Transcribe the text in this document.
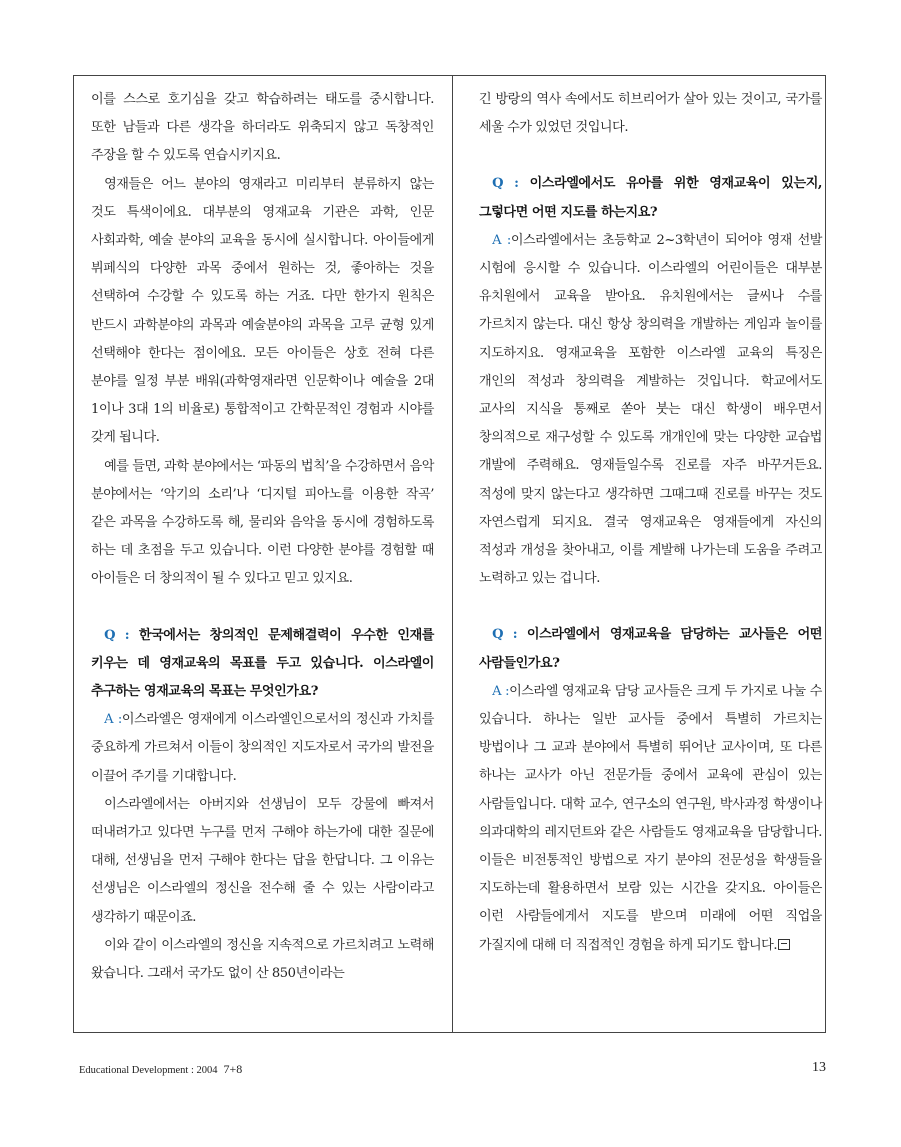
이를 스스로 호기심을 갖고 학습하려는 태도를 중시합니다. 또한 남들과 다른 생각을 하더라도 위축되지 않고 독창적인 주장을 할 수 있도록 연습시키지요.

영재들은 어느 분야의 영재라고 미리부터 분류하지 않는 것도 특색이에요. 대부분의 영재교육 기관은 과학, 인문 사회과학, 예술 분야의 교육을 동시에 실시합니다. 아이들에게 뷔페식의 다양한 과목 중에서 원하는 것, 좋아하는 것을 선택하여 수강할 수 있도록 하는 거죠. 다만 한가지 원칙은 반드시 과학분야의 과목과 예술분야의 과목을 고루 균형 있게 선택해야 한다는 점이에요. 모든 아이들은 상호 전혀 다른 분야를 일정 부분 배워(과학영재라면 인문학이나 예술을 2대 1이나 3대 1의 비율로) 통합적이고 간학문적인 경험과 시야를 갖게 됩니다.

예를 들면, 과학 분야에서는 ‘파동의 법칙’을 수강하면서 음악 분야에서는 ‘악기의 소리’나 ‘디지털 피아노를 이용한 작곡’ 같은 과목을 수강하도록 해, 물리와 음악을 동시에 경험하도록 하는 데 초점을 두고 있습니다. 이런 다양한 분야를 경험할 때 아이들은 더 창의적이 될 수 있다고 믿고 있지요.

Q : 한국에서는 창의적인 문제해결력이 우수한 인재를 키우는 데 영재교육의 목표를 두고 있습니다. 이스라엘이 추구하는 영재교육의 목표는 무엇인가요?

A :이스라엘은 영재에게 이스라엘인으로서의 정신과 가치를 중요하게 가르쳐서 이들이 창의적인 지도자로서 국가의 발전을 이끌어 주기를 기대합니다.

이스라엘에서는 아버지와 선생님이 모두 강물에 빠져서 떠내려가고 있다면 누구를 먼저 구해야 하는가에 대한 질문에 대해, 선생님을 먼저 구해야 한다는 답을 한답니다. 그 이유는 선생님은 이스라엘의 정신을 전수해 줄 수 있는 사람이라고 생각하기 때문이죠.

이와 같이 이스라엘의 정신을 지속적으로 가르치려고 노력해 왔습니다. 그래서 국가도 없이 산 850년이라는

긴 방랑의 역사 속에서도 히브리어가 살아 있는 것이고, 국가를 세울 수가 있었던 것입니다.

Q : 이스라엘에서도 유아를 위한 영재교육이 있는지, 그렇다면 어떤 지도를 하는지요?

A :이스라엘에서는 초등학교 2~3학년이 되어야 영재 선발 시험에 응시할 수 있습니다. 이스라엘의 어린이들은 대부분 유치원에서 교육을 받아요. 유치원에서는 글씨나 수를 가르치지 않는다. 대신 항상 창의력을 개발하는 게임과 놀이를 지도하지요. 영재교육을 포함한 이스라엘 교육의 특징은 개인의 적성과 창의력을 계발하는 것입니다. 학교에서도 교사의 지식을 통째로 쏟아 붓는 대신 학생이 배우면서 창의적으로 재구성할 수 있도록 개개인에 맞는 다양한 교습법 개발에 주력해요. 영재들일수록 진로를 자주 바꾸거든요. 적성에 맞지 않는다고 생각하면 그때그때 진로를 바꾸는 것도 자연스럽게 되지요. 결국 영재교육은 영재들에게 자신의 적성과 개성을 찾아내고, 이를 계발해 나가는데 도움을 주려고 노력하고 있는 겁니다.

Q : 이스라엘에서 영재교육을 담당하는 교사들은 어떤 사람들인가요?

A :이스라엘 영재교육 담당 교사들은 크게 두 가지로 나눌 수 있습니다. 하나는 일반 교사들 중에서 특별히 가르치는 방법이나 그 교과 분야에서 특별히 뛰어난 교사이며, 또 다른 하나는 교사가 아닌 전문가들 중에서 교육에 관심이 있는 사람들입니다. 대학 교수, 연구소의 연구원, 박사과정 학생이나 의과대학의 레지던트와 같은 사람들도 영재교육을 담당합니다. 이들은 비전통적인 방법으로 자기 분야의 전문성을 학생들을 지도하는데 활용하면서 보람 있는 시간을 갖지요. 아이들은 이런 사람들에게서 지도를 받으며 미래에 어떤 직업을 가질지에 대해 더 직접적인 경험을 하게 되기도 합니다.

Educational Development : 2004 7+8	13
